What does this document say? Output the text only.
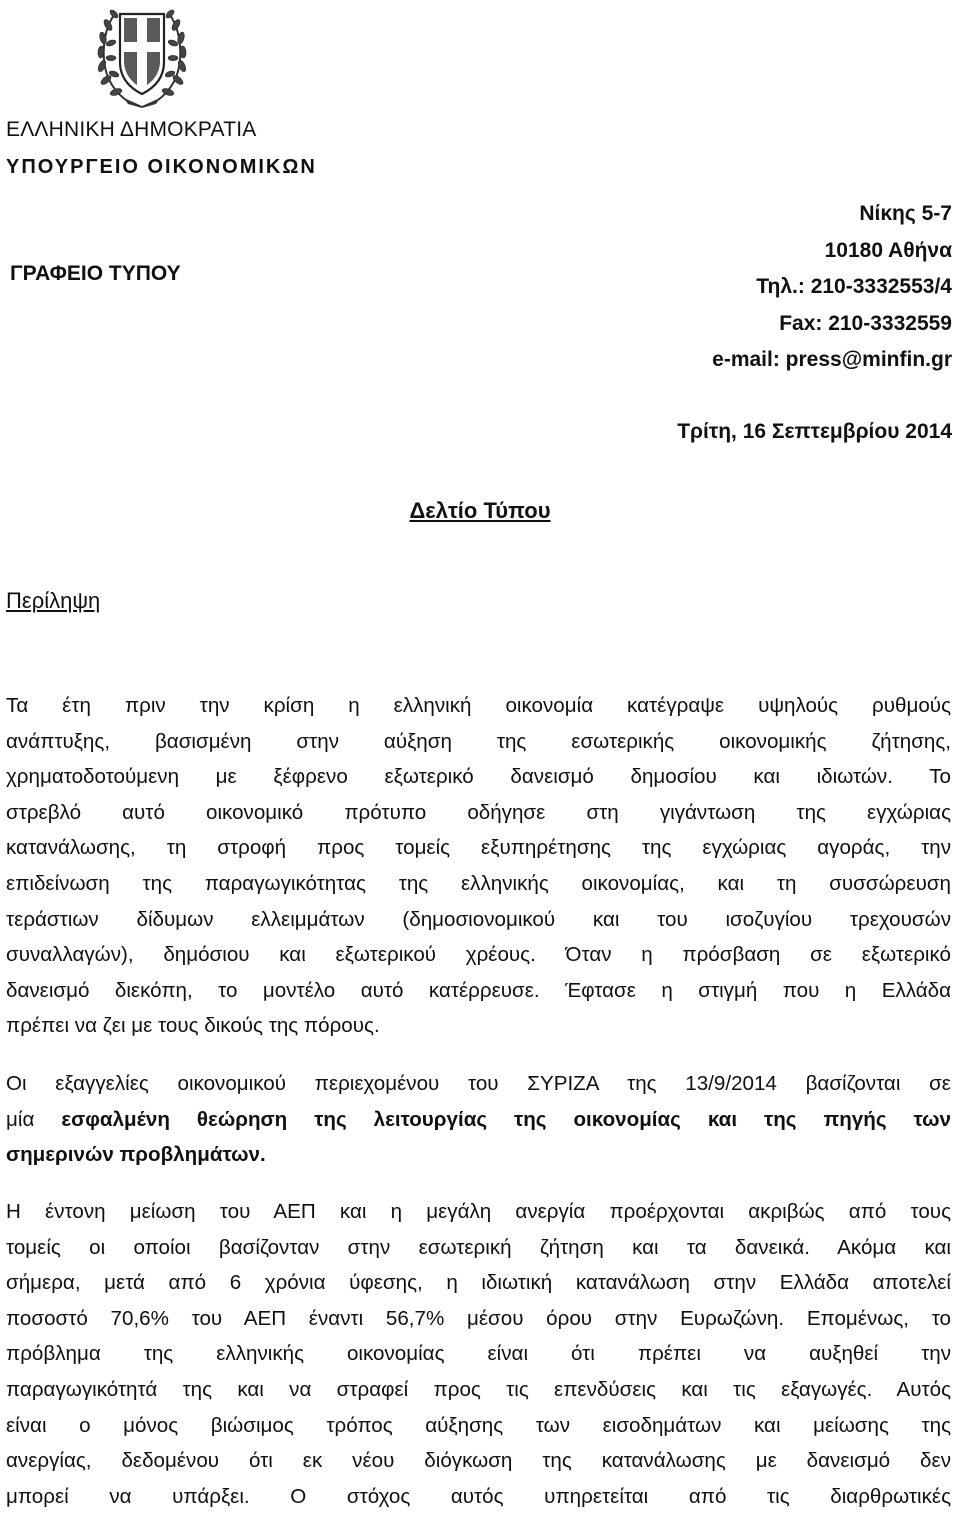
ΕΛΛΗΝΙΚΗ ΔΗΜΟΚΡΑΤΙΑ
ΥΠΟΥΡΓΕΙΟ ΟΙΚΟΝΟΜΙΚΩΝ
Νίκης 5-7
10180 Αθήνα
Τηλ.: 210-3332553/4
Fax: 210-3332559
e-mail: press@minfin.gr
ΓΡΑΦΕΙΟ ΤΥΠΟΥ
Τρίτη, 16 Σεπτεμβρίου 2014
Δελτίο Τύπου
Περίληψη
Τα έτη πριν την κρίση η ελληνική οικονομία κατέγραψε υψηλούς ρυθμούς
ανάπτυξης, βασισμένη στην αύξηση της εσωτερικής οικονομικής ζήτησης,
χρηματοδοτούμενη με ξέφρενο εξωτερικό δανεισμό δημοσίου και ιδιωτών. Το
στρεβλό αυτό οικονομικό πρότυπο οδήγησε στη γιγάντωση της εγχώριας
κατανάλωσης, τη στροφή προς τομείς εξυπηρέτησης της εγχώριας αγοράς, την
επιδείνωση της παραγωγικότητας της ελληνικής οικονομίας, και τη συσσώρευση
τεράστιων δίδυμων ελλειμμάτων (δημοσιονομικού και του ισοζυγίου τρεχουσών
συναλλαγών), δημόσιου και εξωτερικού χρέους. Όταν η πρόσβαση σε εξωτερικό
δανεισμό διεκόπη, το μοντέλο αυτό κατέρρευσε. Έφτασε η στιγμή που η Ελλάδα
πρέπει να ζει με τους δικούς της πόρους.
Οι εξαγγελίες οικονομικού περιεχομένου του ΣΥΡΙΖΑ της 13/9/2014 βασίζονται σε
μία εσφαλμένη θεώρηση της λειτουργίας της οικονομίας και της πηγής των
σημερινών προβλημάτων.
Η έντονη μείωση του ΑΕΠ και η μεγάλη ανεργία προέρχονται ακριβώς από τους
τομείς οι οποίοι βασίζονταν στην εσωτερική ζήτηση και τα δανεικά. Ακόμα και
σήμερα, μετά από 6 χρόνια ύφεσης, η ιδιωτική κατανάλωση στην Ελλάδα αποτελεί
ποσοστό 70,6% του ΑΕΠ έναντι 56,7% μέσου όρου στην Ευρωζώνη. Επομένως, το
πρόβλημα της ελληνικής οικονομίας είναι ότι πρέπει να αυξηθεί την
παραγωγικότητά της και να στραφεί προς τις επενδύσεις και τις εξαγωγές. Αυτός
είναι ο μόνος βιώσιμος τρόπος αύξησης των εισοδημάτων και μείωσης της
ανεργίας, δεδομένου ότι εκ νέου διόγκωση της κατανάλωσης με δανεισμό δεν
μπορεί να υπάρξει. Ο στόχος αυτός υπηρετείται από τις διαρθρωτικές
